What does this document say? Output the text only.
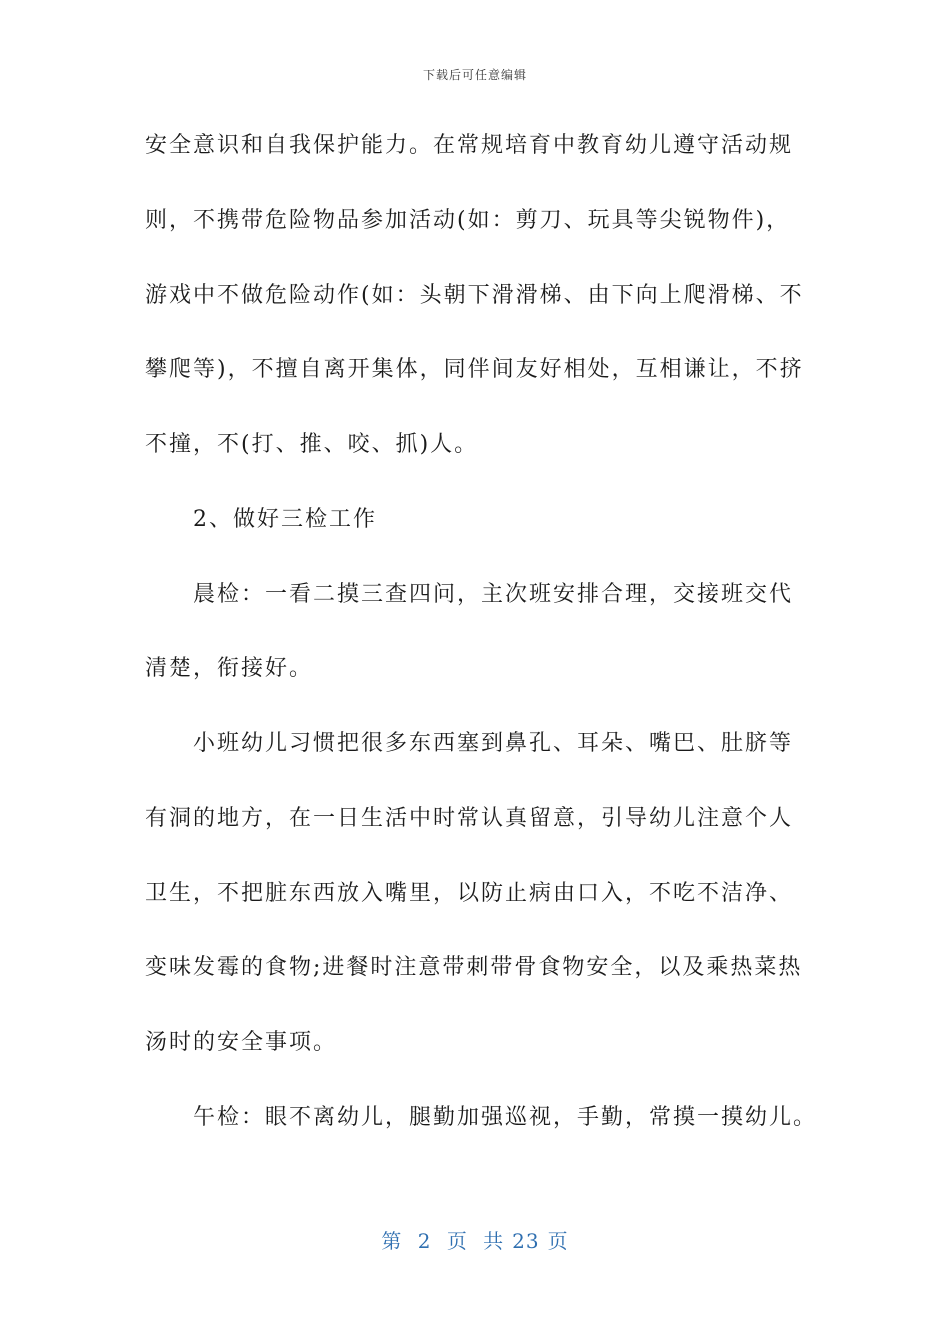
下载后可任意编辑
安全意识和自我保护能力。在常规培育中教育幼儿遵守活动规
则，不携带危险物品参加活动(如：剪刀、玩具等尖锐物件)，
游戏中不做危险动作(如：头朝下滑滑梯、由下向上爬滑梯、不
攀爬等)，不擅自离开集体，同伴间友好相处，互相谦让，不挤
不撞，不(打、推、咬、抓)人。
2、做好三检工作
晨检：一看二摸三查四问，主次班安排合理，交接班交代
清楚，衔接好。
小班幼儿习惯把很多东西塞到鼻孔、耳朵、嘴巴、肚脐等
有洞的地方，在一日生活中时常认真留意，引导幼儿注意个人
卫生，不把脏东西放入嘴里，以防止病由口入，不吃不洁净、
变味发霉的食物;进餐时注意带刺带骨食物安全，以及乘热菜热
汤时的安全事项。
午检：眼不离幼儿，腿勤加强巡视，手勤，常摸一摸幼儿。
第 2 页 共 23 页
